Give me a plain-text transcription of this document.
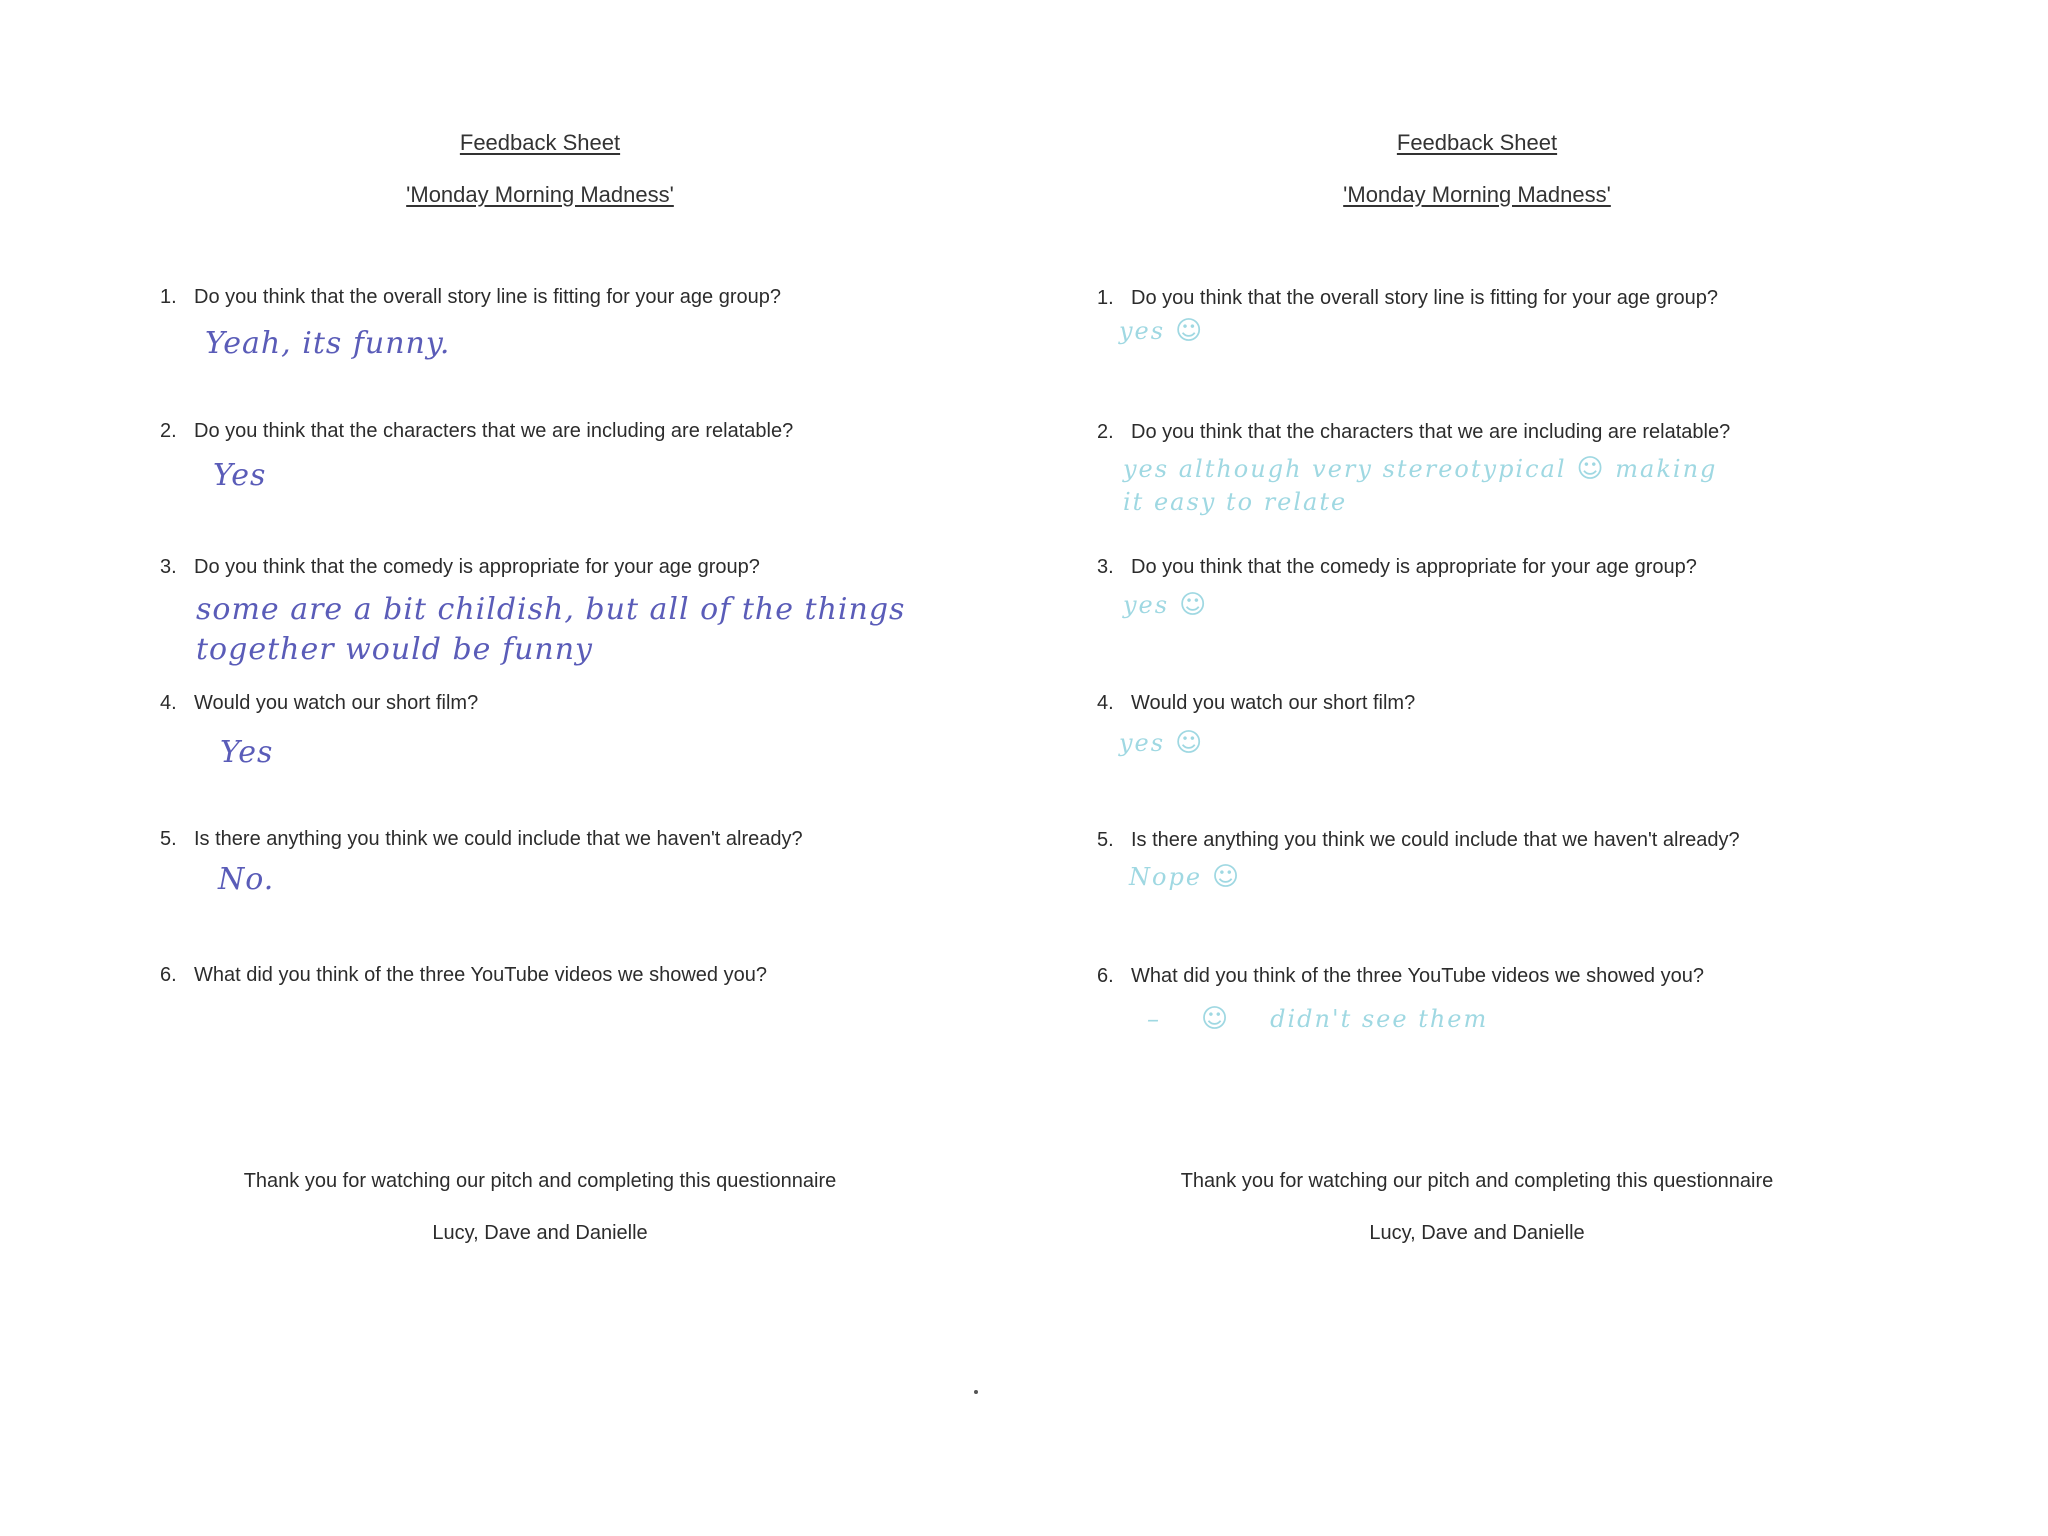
Feedback Sheet
'Monday Morning Madness'
1. Do you think that the overall story line is fitting for your age group?
Yeah, its funny.
2. Do you think that the characters that we are including are relatable?
Yes
3. Do you think that the comedy is appropriate for your age group?
some are a bit childish, but all of the things
together would be funny
4. Would you watch our short film?
Yes
5. Is there anything you think we could include that we haven't already?
No.
6. What did you think of the three YouTube videos we showed you?
Thank you for watching our pitch and completing this questionnaire
Lucy, Dave and Danielle
Feedback Sheet
'Monday Morning Madness'
1. Do you think that the overall story line is fitting for your age group?
yes ☺
2. Do you think that the characters that we are including are relatable?
yes although very stereotypical ☺ making
it easy to relate
3. Do you think that the comedy is appropriate for your age group?
yes ☺
4. Would you watch our short film?
yes ☺
5. Is there anything you think we could include that we haven't already?
Nope ☺
6. What did you think of the three YouTube videos we showed you?
– ☺ didn't see them
Thank you for watching our pitch and completing this questionnaire
Lucy, Dave and Danielle
